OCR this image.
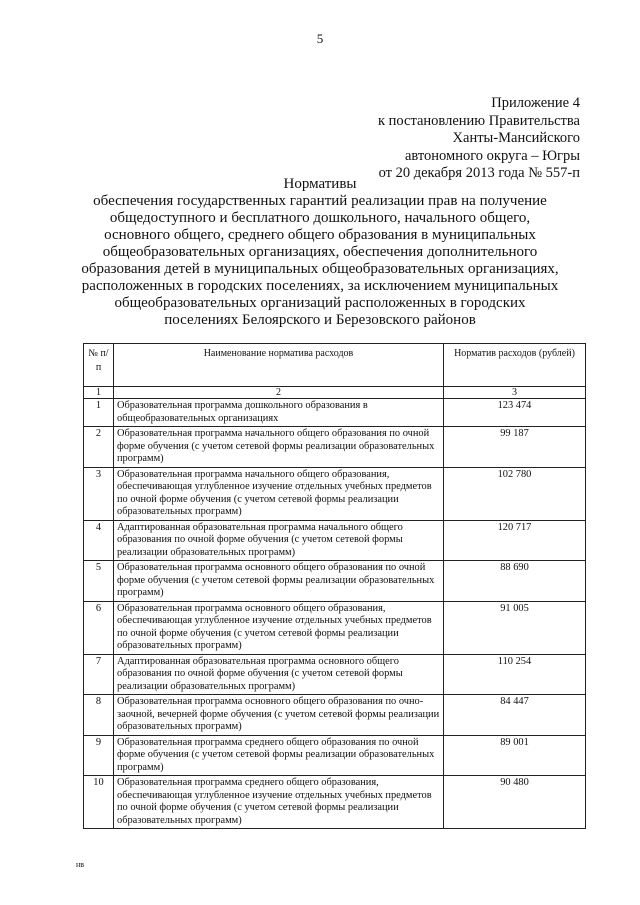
5
Приложение 4
к постановлению Правительства
Ханты-Мансийского
автономного округа – Югры
от 20 декабря 2013 года № 557-п
Нормативы
обеспечения государственных гарантий реализации прав на получение
общедоступного и бесплатного дошкольного, начального общего,
основного общего, среднего общего образования в муниципальных
общеобразовательных организациях, обеспечения дополнительного
образования детей в муниципальных общеобразовательных организациях,
расположенных в городских поселениях, за исключением муниципальных
общеобразовательных организаций расположенных в городских
поселениях Белоярского и Березовского районов
№ п/п	Наименование норматива расходов	Норматив расходов (рублей)
1	2	3
1	Образовательная программа дошкольного образования в общеобразовательных организациях	123 474
2	Образовательная программа начального общего образования по очной форме обучения (с учетом сетевой формы реализации образовательных программ)	99 187
3	Образовательная программа начального общего образования, обеспечивающая углубленное изучение отдельных учебных предметов по очной форме обучения (с учетом сетевой формы реализации образовательных программ)	102 780
4	Адаптированная образовательная программа начального общего образования по очной форме обучения (с учетом сетевой формы реализации образовательных программ)	120 717
5	Образовательная программа основного общего образования по очной форме обучения (с учетом сетевой формы реализации образовательных программ)	88 690
6	Образовательная программа основного общего образования, обеспечивающая углубленное изучение отдельных учебных предметов по очной форме обучения (с учетом сетевой формы реализации образовательных программ)	91 005
7	Адаптированная образовательная программа основного общего образования по очной форме обучения (с учетом сетевой формы реализации образовательных программ)	110 254
8	Образовательная программа основного общего образования по очно-заочной, вечерней форме обучения (с учетом сетевой формы реализации образовательных программ)	84 447
9	Образовательная программа среднего общего образования по очной форме обучения (с учетом сетевой формы реализации образовательных программ)	89 001
10	Образовательная программа среднего общего образования, обеспечивающая углубленное изучение отдельных учебных предметов по очной форме обучения (с учетом сетевой формы реализации образовательных программ)	90 480
нв
